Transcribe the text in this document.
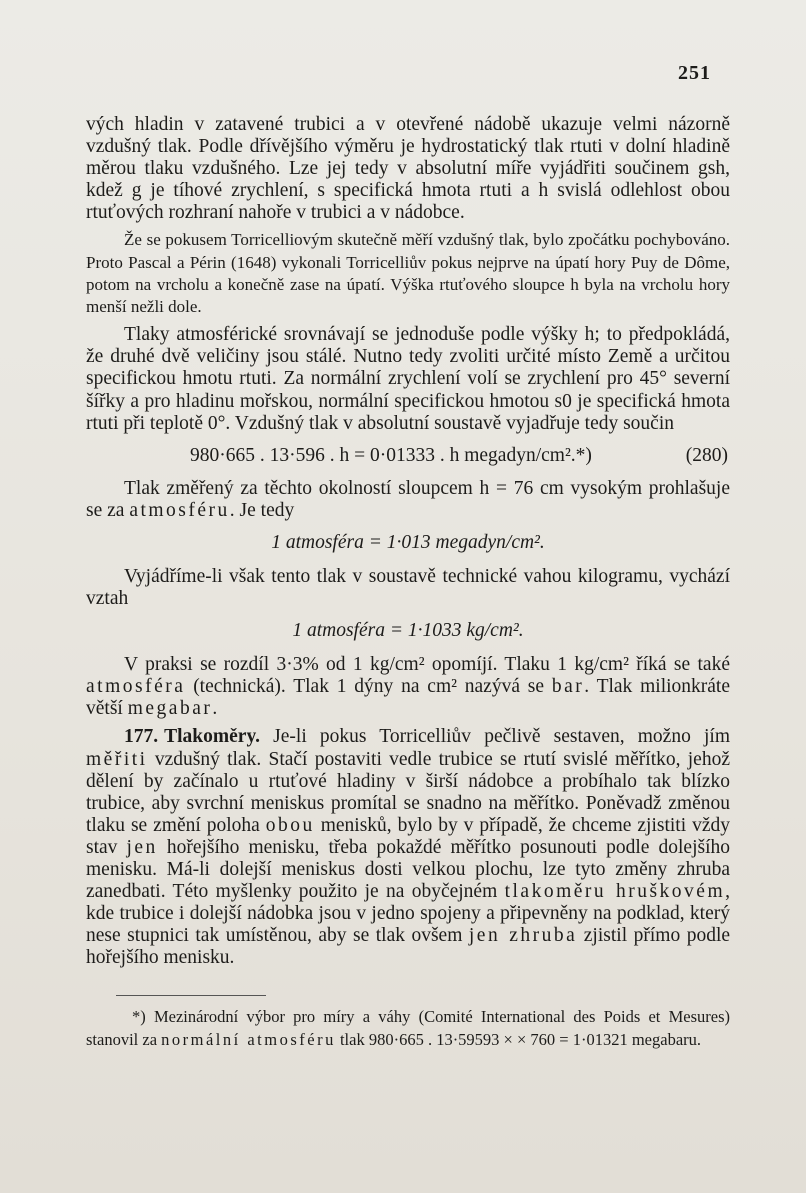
251

vých hladin v zatavené trubici a v otevřené nádobě ukazuje velmi názorně vzdušný tlak. Podle dřívějšího výměru je hydrostatický tlak rtuti v dolní hladině měrou tlaku vzdušného. Lze jej tedy v absolutní míře vyjádřiti součinem gsh, kdež g je tíhové zrychlení, s specifická hmota rtuti a h svislá odlehlost obou rtuťových rozhraní nahoře v trubici a v nádobce.

Že se pokusem Torricelliovým skutečně měří vzdušný tlak, bylo zpočátku pochybováno. Proto Pascal a Périn (1648) vykonali Torricelliův pokus nejprve na úpatí hory Puy de Dôme, potom na vrcholu a konečně zase na úpatí. Výška rtuťového sloupce h byla na vrcholu hory menší nežli dole.

Tlaky atmosférické srovnávají se jednoduše podle výšky h; to předpokládá, že druhé dvě veličiny jsou stálé. Nutno tedy zvoliti určité místo Země a určitou specifickou hmotu rtuti. Za normální zrychlení volí se zrychlení pro 45° severní šířky a pro hladinu mořskou, normální specifickou hmotou s0 je specifická hmota rtuti při teplotě 0°. Vzdušný tlak v absolutní soustavě vyjadřuje tedy součin

980·665 . 13·596 . h = 0·01333 . h megadyn/cm².*)	(280)

Tlak změřený za těchto okolností sloupcem h = 76 cm vysokým prohlašuje se za atmosféru. Je tedy

1 atmosféra = 1·013 megadyn/cm².

Vyjádříme-li však tento tlak v soustavě technické vahou kilogramu, vychází vztah

1 atmosféra = 1·1033 kg/cm².

V praksi se rozdíl 3·3% od 1 kg/cm² opomíjí. Tlaku 1 kg/cm² říká se také atmosféra (technická). Tlak 1 dýny na cm² nazývá se bar. Tlak milionkráte větší megabar.

177. Tlakoměry. Je-li pokus Torricelliův pečlivě sestaven, možno jím měřiti vzdušný tlak. Stačí postaviti vedle trubice se rtutí svislé měřítko, jehož dělení by začínalo u rtuťové hladiny v širší nádobce a probíhalo tak blízko trubice, aby svrchní meniskus promítal se snadno na měřítko. Poněvadž změnou tlaku se změní poloha obou menisků, bylo by v případě, že chceme zjistiti vždy stav jen hořejšího menisku, třeba pokaždé měřítko posunouti podle dolejšího menisku. Má-li dolejší meniskus dosti velkou plochu, lze tyto změny zhruba zanedbati. Této myšlenky použito je na obyčejném tlakoměru hruškovém, kde trubice i dolejší nádobka jsou v jedno spojeny a připevněny na podklad, který nese stupnici tak umístěnou, aby se tlak ovšem jen zhruba zjistil přímo podle hořejšího menisku.

*) Mezinárodní výbor pro míry a váhy (Comité International des Poids et Mesures) stanovil za normální atmosféru tlak 980·665 . 13·59593 × × 760 = 1·01321 megabaru.
